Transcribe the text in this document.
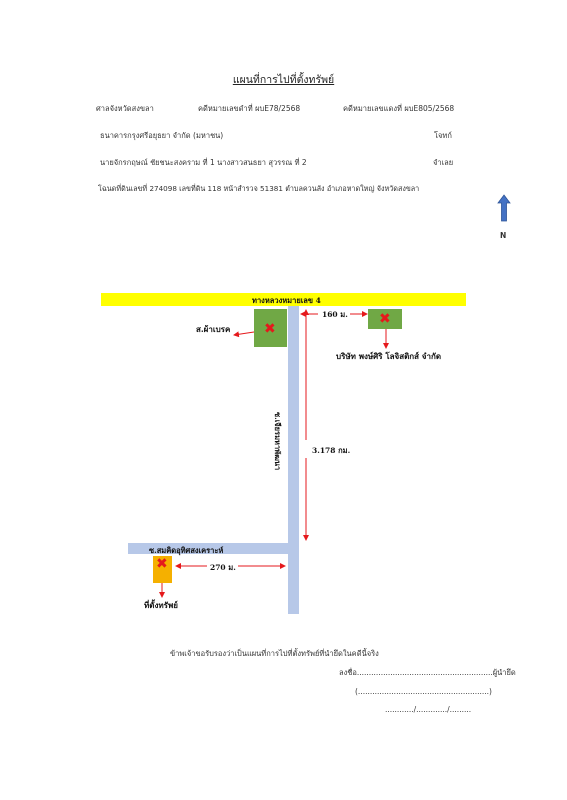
แผนที่การไปที่ตั้งทรัพย์
ศาลจังหวัดสงขลา	คดีหมายเลขดำที่ ผบE78/2568	คดีหมายเลขแดงที่ ผบE805/2568
ธนาคารกรุงศรีอยุธยา จำกัด (มหาชน)	โจทก์
นายจักรกฤษณ์ ชัยชนะสงคราม ที่ 1 นางสาวสนธยา สุวรรณ ที่ 2	จำเลย
โฉนดที่ดินเลขที่ 274098 เลขที่ดิน 118 หน้าสำรวจ 51381 ตำบลควนลัง อำเภอหาดใหญ่ จังหวัดสงขลา
N
ทางหลวงหมายเลข 4
ซ.เจียรมหาพัฒนา
✖
ส.ผ้าเบรค
✖
บริษัท พงษ์ศิริ โลจิสติกส์ จำกัด
160 ม.
3.178 กม.
ซ.สมคิดอุทิศสงเคราะห์
✖	270 ม.
ที่ตั้งทรัพย์
ข้าพเจ้าขอรับรองว่าเป็นแผนที่การไปที่ตั้งทรัพย์ที่นำยึดในคดีนี้จริง
ลงชื่อ.........................................................ผู้นำยึด
(.......................................................)
............/............./.........
